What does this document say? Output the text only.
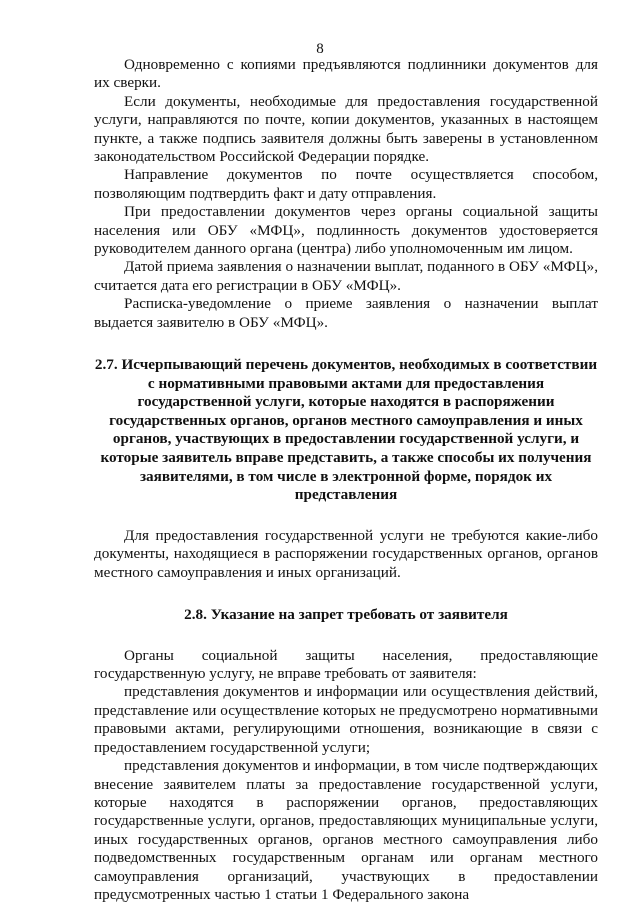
8

Одновременно с копиями предъявляются подлинники документов для их сверки.

Если документы, необходимые для предоставления государственной услуги, направляются по почте, копии документов, указанных в настоящем пункте, а также подпись заявителя должны быть заверены в установленном законодательством Российской Федерации порядке.

Направление документов по почте осуществляется способом, позволяющим подтвердить факт и дату отправления.

При предоставлении документов через органы социальной защиты населения или ОБУ «МФЦ», подлинность документов удостоверяется руководителем данного органа (центра) либо уполномоченным им лицом.

Датой приема заявления о назначении выплат, поданного в ОБУ «МФЦ», считается дата его регистрации в ОБУ «МФЦ».

Расписка-уведомление о приеме заявления о назначении выплат выдается заявителю в ОБУ «МФЦ».

2.7. Исчерпывающий перечень документов, необходимых в соответствии с нормативными правовыми актами для предоставления государственной услуги, которые находятся в распоряжении государственных органов, органов местного самоуправления и иных органов, участвующих в предоставлении государственной услуги, и которые заявитель вправе представить, а также способы их получения заявителями, в том числе в электронной форме, порядок их представления

Для предоставления государственной услуги не требуются какие-либо документы, находящиеся в распоряжении государственных органов, органов местного самоуправления и иных организаций.

2.8. Указание на запрет требовать от заявителя

Органы социальной защиты населения, предоставляющие государственную услугу, не вправе требовать от заявителя:

представления документов и информации или осуществления действий, представление или осуществление которых не предусмотрено нормативными правовыми актами, регулирующими отношения, возникающие в связи с предоставлением государственной услуги;

представления документов и информации, в том числе подтверждающих внесение заявителем платы за предоставление государственной услуги, которые находятся в распоряжении органов, предоставляющих государственные услуги, органов, предоставляющих муниципальные услуги, иных государственных органов, органов местного самоуправления либо подведомственных государственным органам или органам местного самоуправления организаций, участвующих в предоставлении предусмотренных частью 1 статьи 1 Федерального закона
